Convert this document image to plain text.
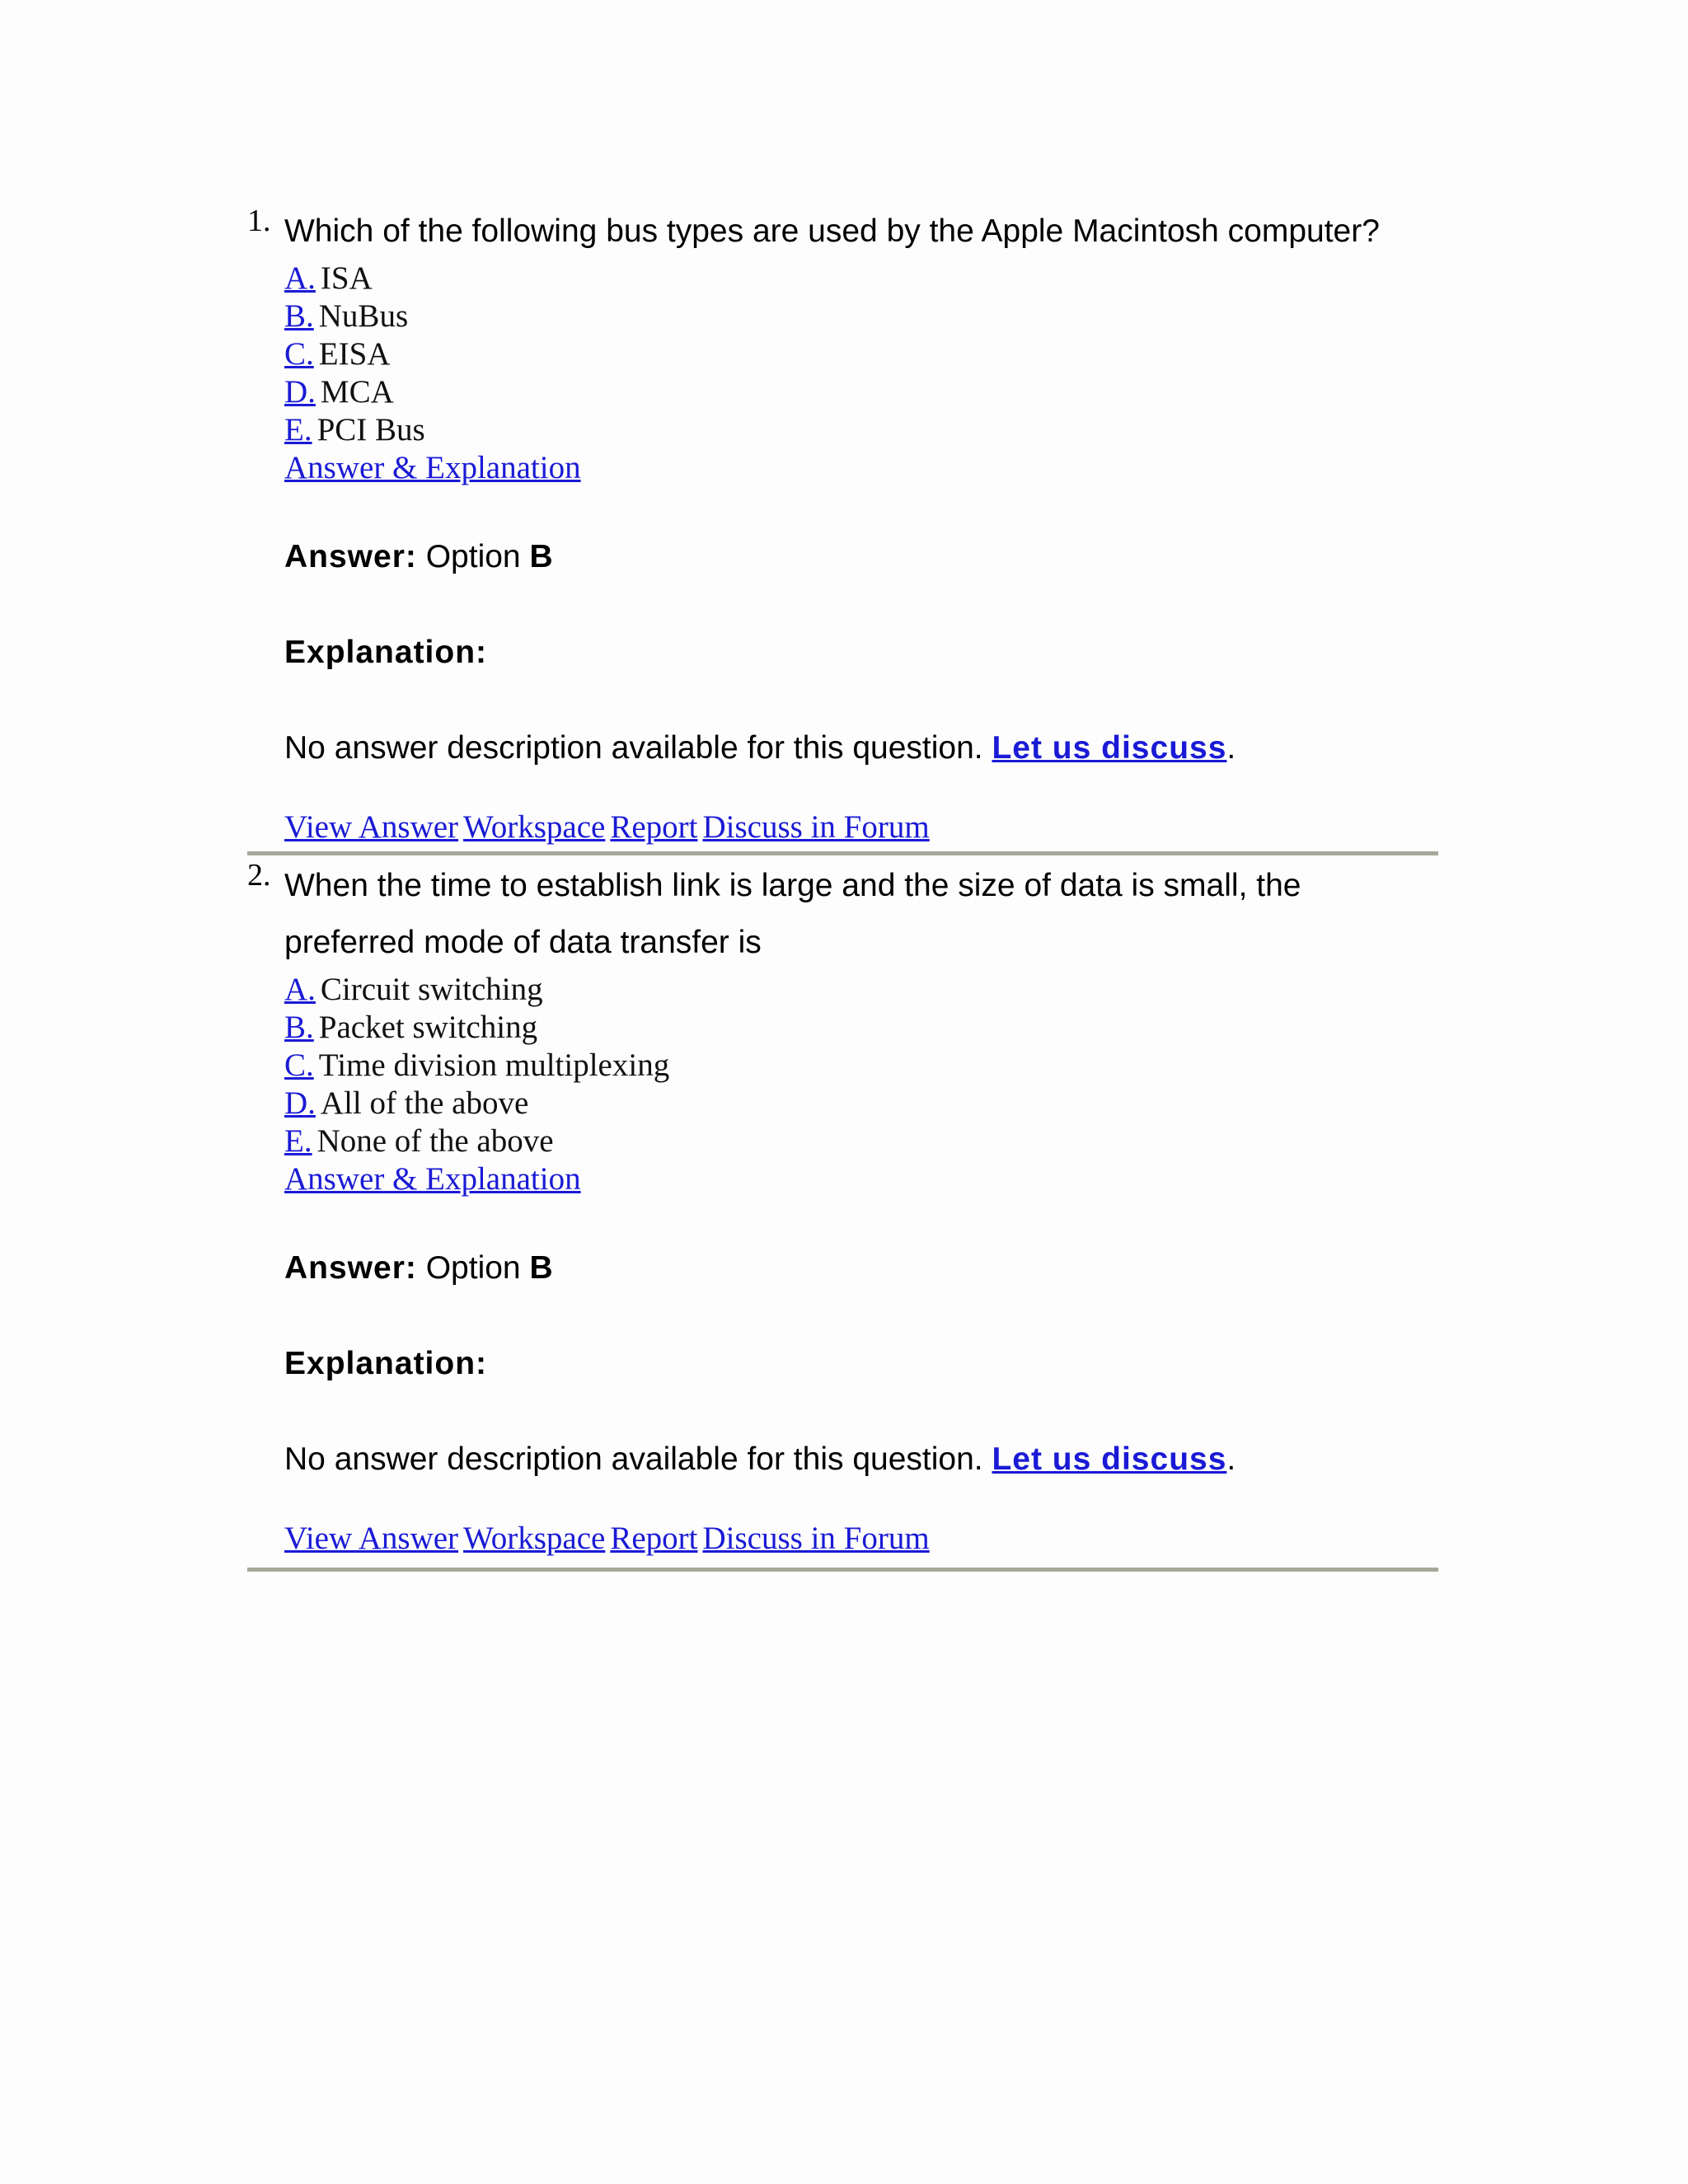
1. Which of the following bus types are used by the Apple Macintosh computer?
A. ISA
B. NuBus
C. EISA
D. MCA
E. PCI Bus
Answer & Explanation
Answer: Option B
Explanation:
No answer description available for this question. Let us discuss.
View Answer Workspace Report Discuss in Forum
2. When the time to establish link is large and the size of data is small, the preferred mode of data transfer is
A. Circuit switching
B. Packet switching
C. Time division multiplexing
D. All of the above
E. None of the above
Answer & Explanation
Answer: Option B
Explanation:
No answer description available for this question. Let us discuss.
View Answer Workspace Report Discuss in Forum
